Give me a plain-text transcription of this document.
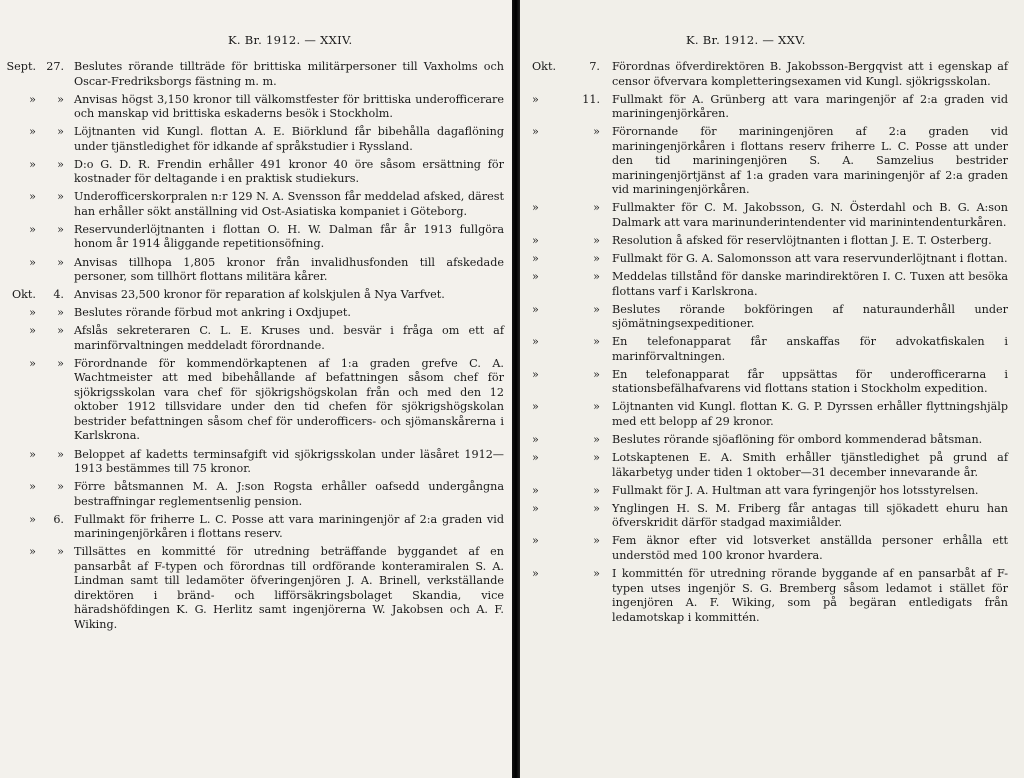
K. Br. 1912. — XXIV.
Sept. 27. Beslutes rörande tillträde för brittiska militärpersoner till Vaxholms och Oscar-Fredriksborgs fästning m. m.
»	» Anvisas högst 3,150 kronor till välkomstfester för brittiska underofficerare och manskap vid brittiska eskaderns besök i Stockholm.
»	» Löjtnanten vid Kungl. flottan A. E. Biörklund får bibehålla dagaflöning under tjänstledighet för idkande af språkstudier i Ryssland.
»	» D:o G. D. R. Frendin erhåller 491 kronor 40 öre såsom ersättning för kostnader för deltagande i en praktisk studiekurs.
»	» Underofficerskorpralen n:r 129 N. A. Svensson får meddelad afsked, därest han erhåller sökt anställning vid Ost-Asiatiska kompaniet i Göteborg.
»	» Reservunderlöjtnanten i flottan O. H. W. Dalman får år 1913 fullgöra honom år 1914 åliggande repetitionsöfning.
»	» Anvisas tillhopa 1,805 kronor från invalidhusfonden till afskedade personer, som tillhört flottans militära kårer.
Okt.	4. Anvisas 23,500 kronor för reparation af kolskjulen å Nya Varfvet.
»	» Beslutes rörande förbud mot ankring i Oxdjupet.
»	» Afslås sekreteraren C. L. E. Kruses und. besvär i fråga om ett af marinförvaltningen meddeladt förordnande.
»	» Förordnande för kommendörkaptenen af 1:a graden grefve C. A. Wachtmeister att med bibehållande af befattningen såsom chef för sjökrigsskolan vara chef för sjökrigshögskolan från och med den 12 oktober 1912 tillsvidare under den tid chefen för sjökrigshögskolan bestrider befattningen såsom chef för underofficers- och sjömanskårerna i Karlskrona.
»	» Beloppet af kadetts terminsafgift vid sjökrigsskolan under läsåret 1912—1913 bestämmes till 75 kronor.
»	» Förre båtsmannen M. A. J:son Rogsta erhåller oafsedd undergångna bestraffningar reglementsenlig pension.
»	6. Fullmakt för friherre L. C. Posse att vara mariningenjör af 2:a graden vid mariningenjörkåren i flottans reserv.
»	» Tillsättes en kommitté för utredning beträffande byggandet af en pansarbåt af F-typen och förordnas till ordförande konteramiralen S. A. Lindman samt till ledamöter öfveringenjören J. A. Brinell, verkställande direktören i bränd- och lifförsäkringsbolaget Skandia, vice häradshöfdingen K. G. Herlitz samt ingenjörerna W. Jakobsen och A. F. Wiking.
K. Br. 1912. — XXV.
Okt.	7.	Förordnas öfverdirektören B. Jakobsson-Bergqvist att i egenskap af censor öfvervara kompletteringsexamen vid Kungl. sjökrigsskolan.
»	11.	Fullmakt för A. Grünberg att vara maringenjör af 2:a graden vid mariningenjörkåren.
»	»	Förornande för mariningenjören af 2:a graden vid mariningenjörkåren i flottans reserv friherre L. C. Posse att under den tid mariningenjören S. A. Samzelius bestrider mariningenjörtjänst af 1:a graden vara mariningenjör af 2:a graden vid mariningenjörkåren.
»	»	Fullmakter för C. M. Jakobsson, G. N. Österdahl och B. G. A:son Dalmark att vara marinunderintendenter vid marinintendenturkåren.
»	»	Resolution å afsked för reservlöjtnanten i flottan J. E. T. Osterberg.
»	»	Fullmakt för G. A. Salomonsson att vara reservunderlöjtnant i flottan.
»	»	Meddelas tillstånd för danske marindirektören I. C. Tuxen att besöka flottans varf i Karlskrona.
»	»	Beslutes rörande bokföringen af naturaunderhåll under sjömätningsexpeditioner.
»	»	En telefonapparat får anskaffas för advokatfiskalen i marinförvaltningen.
»	»	En telefonapparat får uppsättas för underofficerarna i stationsbefälhafvarens vid flottans station i Stockholm expedition.
»	»	Löjtnanten vid Kungl. flottan K. G. P. Dyrssen erhåller flyttningshjälp med ett belopp af 29 kronor.
»	»	Beslutes rörande sjöaflöning för ombord kommenderad båtsman.
»	»	Lotskaptenen E. A. Smith erhåller tjänstledighet på grund af läkarbetyg under tiden 1 oktober—31 december innevarande år.
»	»	Fullmakt för J. A. Hultman att vara fyringenjör hos lotsstyrelsen.
»	»	Ynglingen H. S. M. Friberg får antagas till sjökadett ehuru han öfverskridit därför stadgad maximiålder.
»	»	Fem äknor efter vid lotsverket anställda personer erhålla ett understöd med 100 kronor hvardera.
»	»	I kommittén för utredning rörande byggande af en pansarbåt af F-typen utses ingenjör S. G. Bremberg såsom ledamot i stället för ingenjören A. F. Wiking, som på begäran entledigats från ledamotskap i kommittén.
